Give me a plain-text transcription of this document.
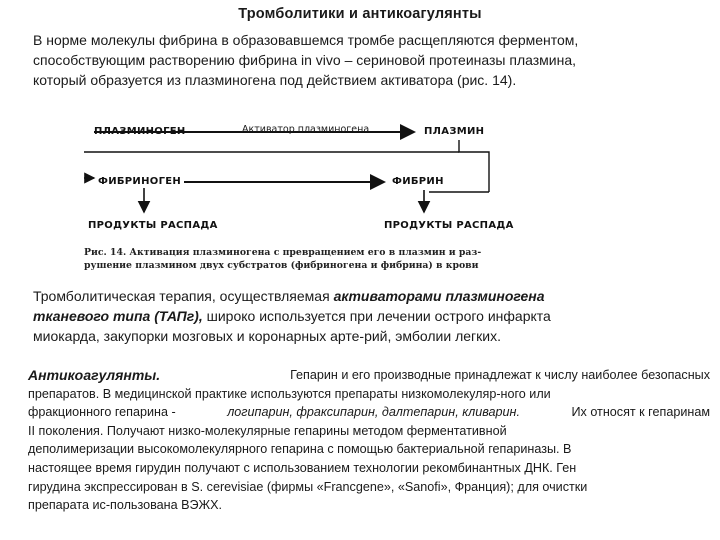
Тромболитики и антикоагулянты
В норме молекулы фибрина в образовавшемся тромбе расщепляются ферментом,
способствующим растворению фибрина in vivo – сериновой протеиназы плазмина,
который образуется из плазминогена под действием активатора (рис. 14).
ПЛАЗМИНОГЕН	Активатор плазминогена	ПЛАЗМИН
ФИБРИНОГЕН	ФИБРИН
ПРОДУКТЫ РАСПАДА	ПРОДУКТЫ РАСПАДА
Рис. 14. Активация плазминогена с превращением его в плазмин и раз-
рушение плазмином двух субстратов (фибриногена и фибрина) в крови
Тромболитическая терапия, осуществляемая активаторами плазминогена
тканевого типа (ТАПг), широко используется при лечении острого инфаркта
миокарда, закупорки мозговых и коронарных арте-рий, эмболии легких.
Антикоагулянты.	Гепарин и его производные принадлежат к числу наиболее безопасных
препаратов. В медицинской практике используются препараты низкомолекуляр-ного или
фракционного гепарина -	логипарин, фраксипарин, далтепарин, кливарин.	Их относят к гепаринам
II поколения. Получают низко-молекулярные гепарины методом ферментативной
деполимеризации высокомолекулярного гепарина с помощью бактериальной гепариназы. В
настоящее время гирудин получают с использованием технологии рекомбинантных ДНК. Ген
гирудина экспрессирован в S. cerevisiae (фирмы «Francgene», «Sanofi», Франция); для очистки
препарата ис-пользована ВЭЖХ.
